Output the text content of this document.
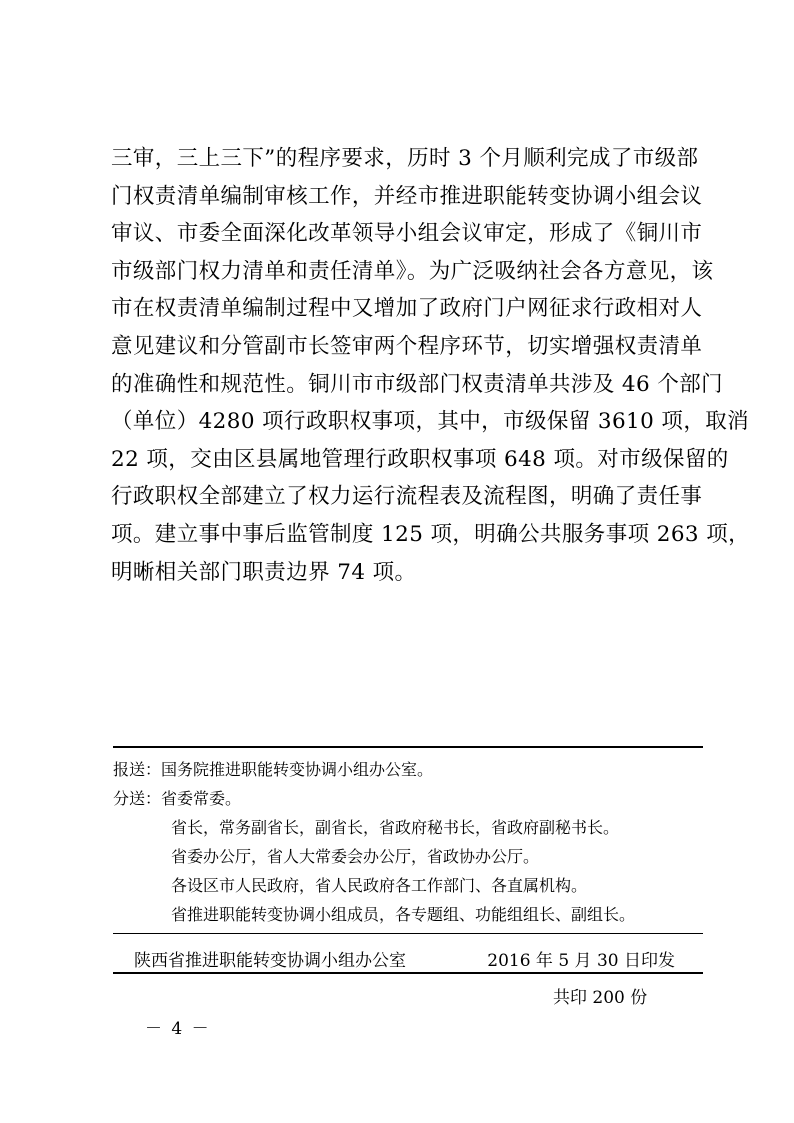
三审，三上三下”的程序要求，历时 3 个月顺利完成了市级部
门权责清单编制审核工作，并经市推进职能转变协调小组会议
审议、市委全面深化改革领导小组会议审定，形成了《铜川市
市级部门权力清单和责任清单》。为广泛吸纳社会各方意见，该
市在权责清单编制过程中又增加了政府门户网征求行政相对人
意见建议和分管副市长签审两个程序环节，切实增强权责清单
的准确性和规范性。铜川市市级部门权责清单共涉及 46 个部门
（单位）4280 项行政职权事项，其中，市级保留 3610 项，取消
22 项，交由区县属地管理行政职权事项 648 项。对市级保留的
行政职权全部建立了权力运行流程表及流程图，明确了责任事
项。建立事中事后监管制度 125 项，明确公共服务事项 263 项，
明晰相关部门职责边界 74 项。
报送：国务院推进职能转变协调小组办公室。
分送：省委常委。
省长，常务副省长，副省长，省政府秘书长，省政府副秘书长。
省委办公厅，省人大常委会办公厅，省政协办公厅。
各设区市人民政府，省人民政府各工作部门、各直属机构。
省推进职能转变协调小组成员，各专题组、功能组组长、副组长。
陕西省推进职能转变协调小组办公室	2016 年 5 月 30 日印发
共印 200 份
－ 4 －
